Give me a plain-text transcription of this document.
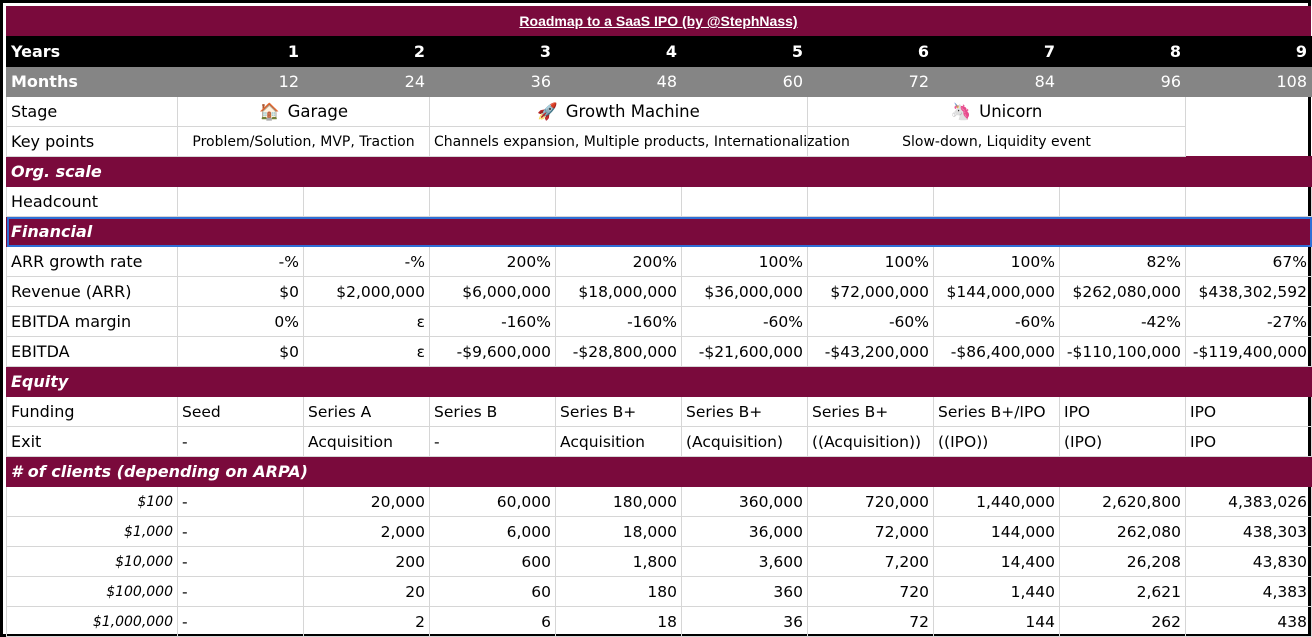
Roadmap to a SaaS IPO (by @StephNass)
Years	1	2	3	4	5	6	7	8	9
Months	12	24	36	48	60	72	84	96	108
Stage	🏠 Garage		🚀 Growth Machine			🦄 Unicorn			
Key points	Problem/Solution, MVP, Traction		Channels expansion, Multiple products, Internationalization			Slow-down, Liquidity event			
Org. scale									
Headcount									
Financial									
ARR growth rate	-%	-%	200%	200%	100%	100%	100%	82%	67%
Revenue (ARR)	$0	$2,000,000	$6,000,000	$18,000,000	$36,000,000	$72,000,000	$144,000,000	$262,080,000	$438,302,592
EBITDA margin	0%	ε	-160%	-160%	-60%	-60%	-60%	-42%	-27%
EBITDA	$0	ε	-$9,600,000	-$28,800,000	-$21,600,000	-$43,200,000	-$86,400,000	-$110,100,000	-$119,400,000
Equity									
Funding	Seed	Series A	Series B	Series B+	Series B+	Series B+	Series B+/IPO	IPO	IPO
Exit	-	Acquisition	-	Acquisition	(Acquisition)	((Acquisition))	((IPO))	(IPO)	IPO
# of clients (depending on ARPA)									
$100	-	20,000	60,000	180,000	360,000	720,000	1,440,000	2,620,800	4,383,026
$1,000	-	2,000	6,000	18,000	36,000	72,000	144,000	262,080	438,303
$10,000	-	200	600	1,800	3,600	7,200	14,400	26,208	43,830
$100,000	-	20	60	180	360	720	1,440	2,621	4,383
$1,000,000	-	2	6	18	36	72	144	262	438
